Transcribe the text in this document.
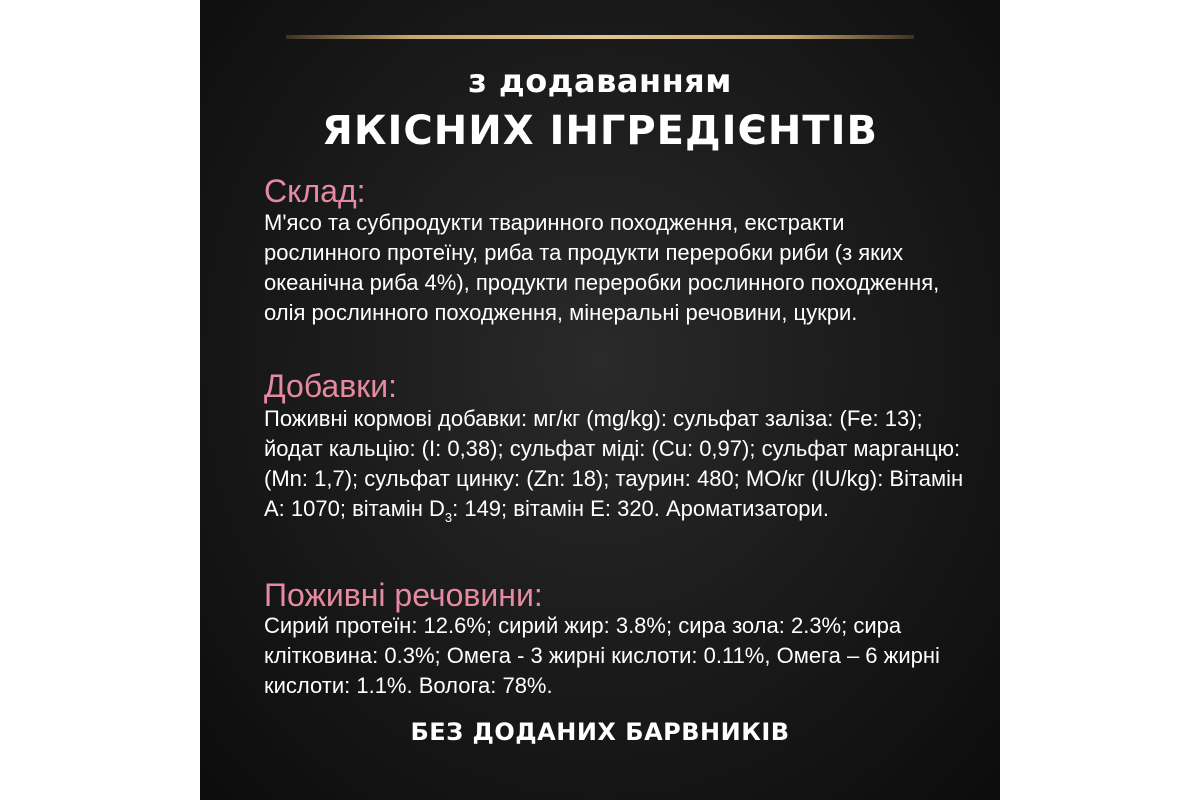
з додаванням
ЯКІСНИХ ІНГРЕДІЄНТІВ
Склад:
М'ясо та субпродукти тваринного походження, екстракти рослинного протеїну, риба та продукти переробки риби (з яких океанічна риба 4%), продукти переробки рослинного походження, олія рослинного походження, мінеральні речовини, цукри.
Добавки:
Поживні кормові добавки: мг/кг (mg/kg): сульфат заліза: (Fe: 13); йодат кальцію: (I: 0,38); сульфат міді: (Cu: 0,97); сульфат марганцю: (Mn: 1,7); сульфат цинку: (Zn: 18); таурин: 480; МО/кг (IU/kg): Вітамін А: 1070; вітамін $D_3$: 149; вітамін Е: 320. Ароматизатори.
Поживні речовини:
Сирий протеїн: 12.6%; сирий жир: 3.8%; сира зола: 2.3%; сира клітковина: 0.3%; Омега - 3 жирні кислоти: 0.11%, Омега – 6 жирні кислоти: 1.1%. Волога: 78%.
БЕЗ ДОДАНИХ БАРВНИКІВ
